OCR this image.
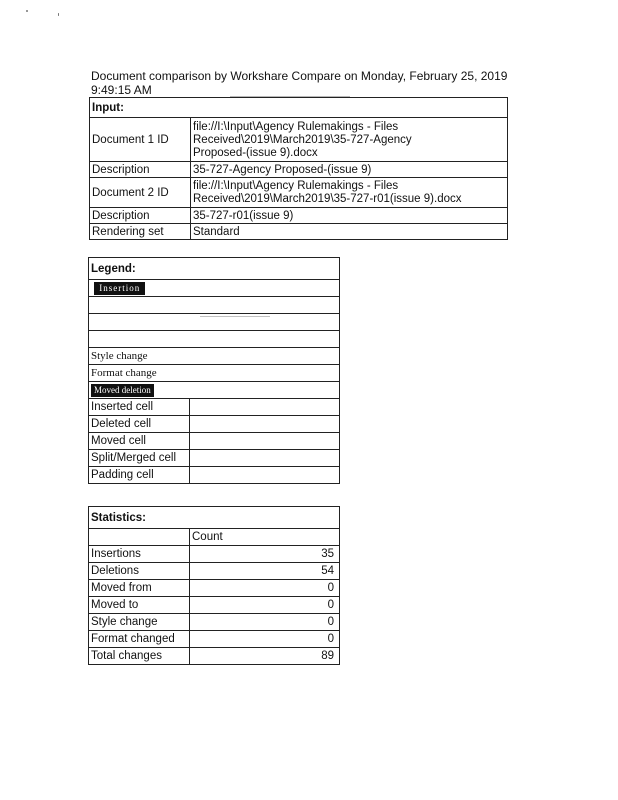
Document comparison by Workshare Compare on Monday, February 25, 2019
9:49:15 AM
Input:	
Document 1 ID	file://I:\Input\Agency Rulemakings - Files
Received\2019\March2019\35-727-Agency
Proposed-(issue 9).docx

Description	35-727-Agency Proposed-(issue 9)
Document 2 ID	file://I:\Input\Agency Rulemakings - Files
Received\2019\March2019\35-727-r01(issue 9).docx

Description	35-727-r01(issue 9)
Rendering set	Standard
Legend:	
Insertion	

Style change	
Format change	
Moved deletion	
Inserted cell	
Deleted cell	
Moved cell	
Split/Merged cell	
Padding cell	
Statistics:	
	Count
Insertions	35
Deletions	54
Moved from	0
Moved to	0
Style change	0
Format changed	0
Total changes	89
